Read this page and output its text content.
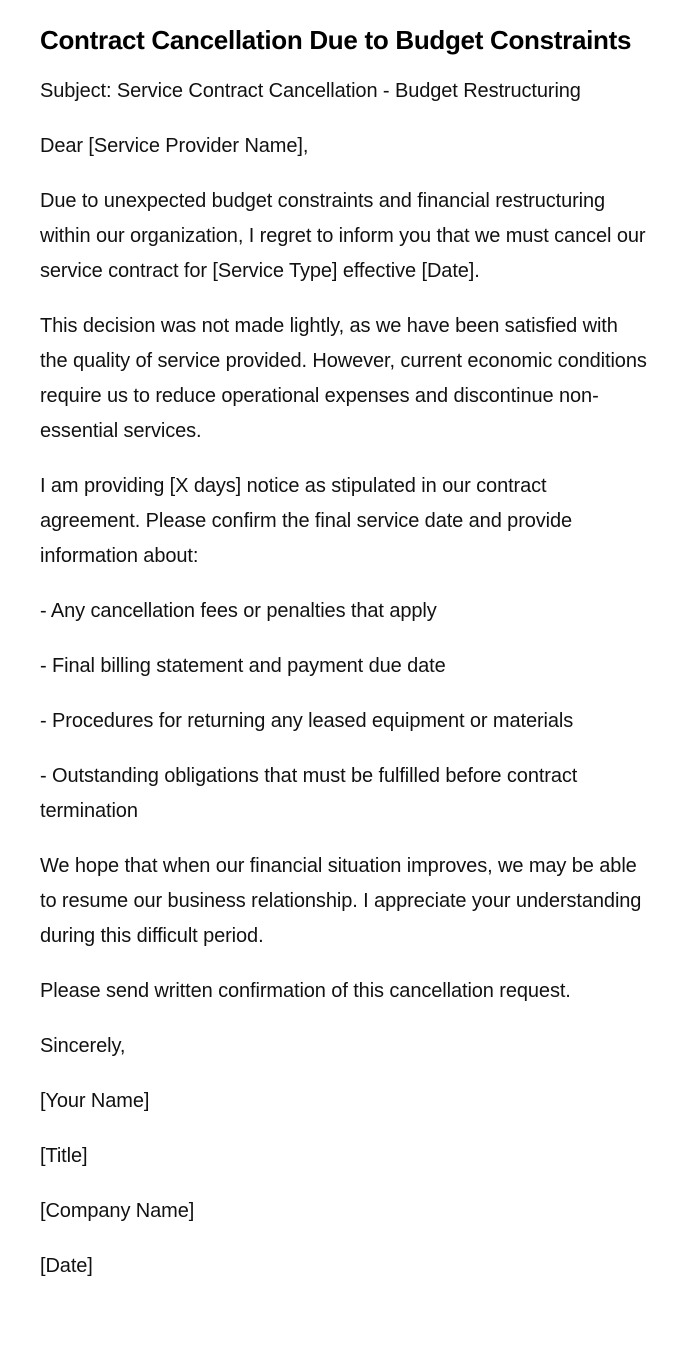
Contract Cancellation Due to Budget Constraints

Subject: Service Contract Cancellation - Budget Restructuring

Dear [Service Provider Name],

Due to unexpected budget constraints and financial restructuring within our organization, I regret to inform you that we must cancel our service contract for [Service Type] effective [Date].

This decision was not made lightly, as we have been satisfied with the quality of service provided. However, current economic conditions require us to reduce operational expenses and discontinue non-essential services.

I am providing [X days] notice as stipulated in our contract agreement. Please confirm the final service date and provide information about:

- Any cancellation fees or penalties that apply

- Final billing statement and payment due date

- Procedures for returning any leased equipment or materials

- Outstanding obligations that must be fulfilled before contract termination

We hope that when our financial situation improves, we may be able to resume our business relationship. I appreciate your understanding during this difficult period.

Please send written confirmation of this cancellation request.

Sincerely,

[Your Name]

[Title]

[Company Name]

[Date]
